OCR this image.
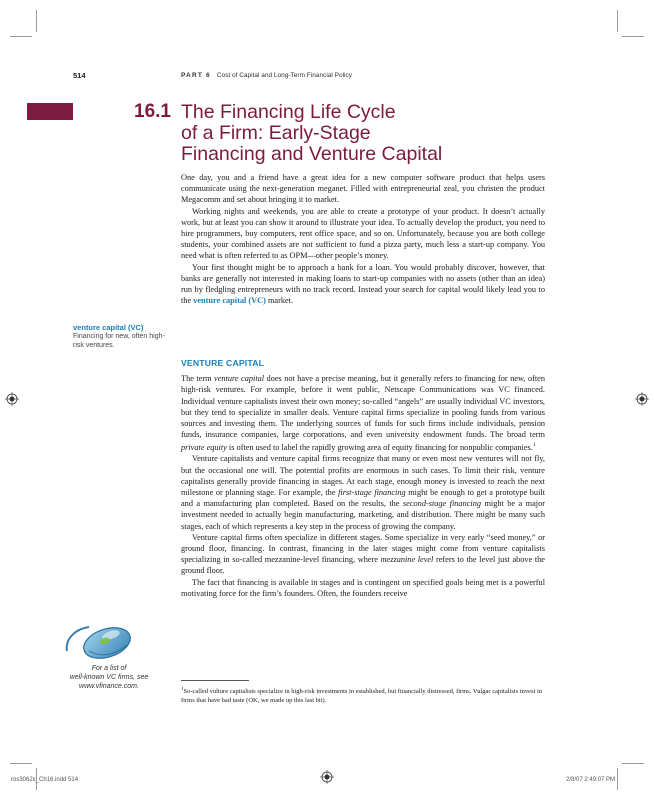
514	PART 6 Cost of Capital and Long-Term Financial Policy
16.1 The Financing Life Cycle
of a Firm: Early-Stage
Financing and Venture Capital

One day, you and a friend have a great idea for a new computer software product that helps users communicate using the next-generation meganet. Filled with entrepreneurial zeal, you christen the product Megacomm and set about bringing it to market.

Working nights and weekends, you are able to create a prototype of your product. It doesn’t actually work, but at least you can show it around to illustrate your idea. To actually develop the product, you need to hire programmers, buy computers, rent office space, and so on. Unfortunately, because you are both college students, your combined assets are not sufficient to fund a pizza party, much less a start-up company. You need what is often referred to as OPM—other people’s money.

Your first thought might be to approach a bank for a loan. You would probably discover, however, that banks are generally not interested in making loans to start-up companies with no assets (other than an idea) run by fledgling entrepreneurs with no track record. Instead your search for capital would likely lead you to the venture capital (VC) market.

venture capital (VC)
Financing for new, often high-risk ventures.
VENTURE CAPITAL

The term venture capital does not have a precise meaning, but it generally refers to financing for new, often high-risk ventures. For example, before it went public, Netscape Communications was VC financed. Individual venture capitalists invest their own money; so-called “angels” are usually individual VC investors, but they tend to specialize in smaller deals. Venture capital firms specialize in pooling funds from various sources and investing them. The underlying sources of funds for such firms include individuals, pension funds, insurance companies, large corporations, and even university endowment funds. The broad term private equity is often used to label the rapidly growing area of equity financing for nonpublic companies.$^1$

Venture capitalists and venture capital firms recognize that many or even most new ventures will not fly, but the occasional one will. The potential profits are enormous in such cases. To limit their risk, venture capitalists generally provide financing in stages. At each stage, enough money is invested to reach the next milestone or planning stage. For example, the first-stage financing might be enough to get a prototype built and a manufacturing plan completed. Based on the results, the second-stage financing might be a major investment needed to actually begin manufacturing, marketing, and distribution. There might be many such stages, each of which represents a key step in the process of growing the company.

Venture capital firms often specialize in different stages. Some specialize in very early “seed money,” or ground floor, financing. In contrast, financing in the later stages might come from venture capitalists specializing in so-called mezzanine-level financing, where mezzanine level refers to the level just above the ground floor.

The fact that financing is available in stages and is contingent on specified goals being met is a powerful motivating force for the firm’s founders. Often, the founders receive

For a list of
well-known VC firms, see
www.vfinance.com.	$^1$So-called vulture capitalists specialize in high-risk investments in established, but financially distressed, firms. Vulgar capitalists invest in firms that have bad taste (OK, we made up this last bit).
ros3062x_Ch16.indd 514	2/8/07 2:49:07 PM
